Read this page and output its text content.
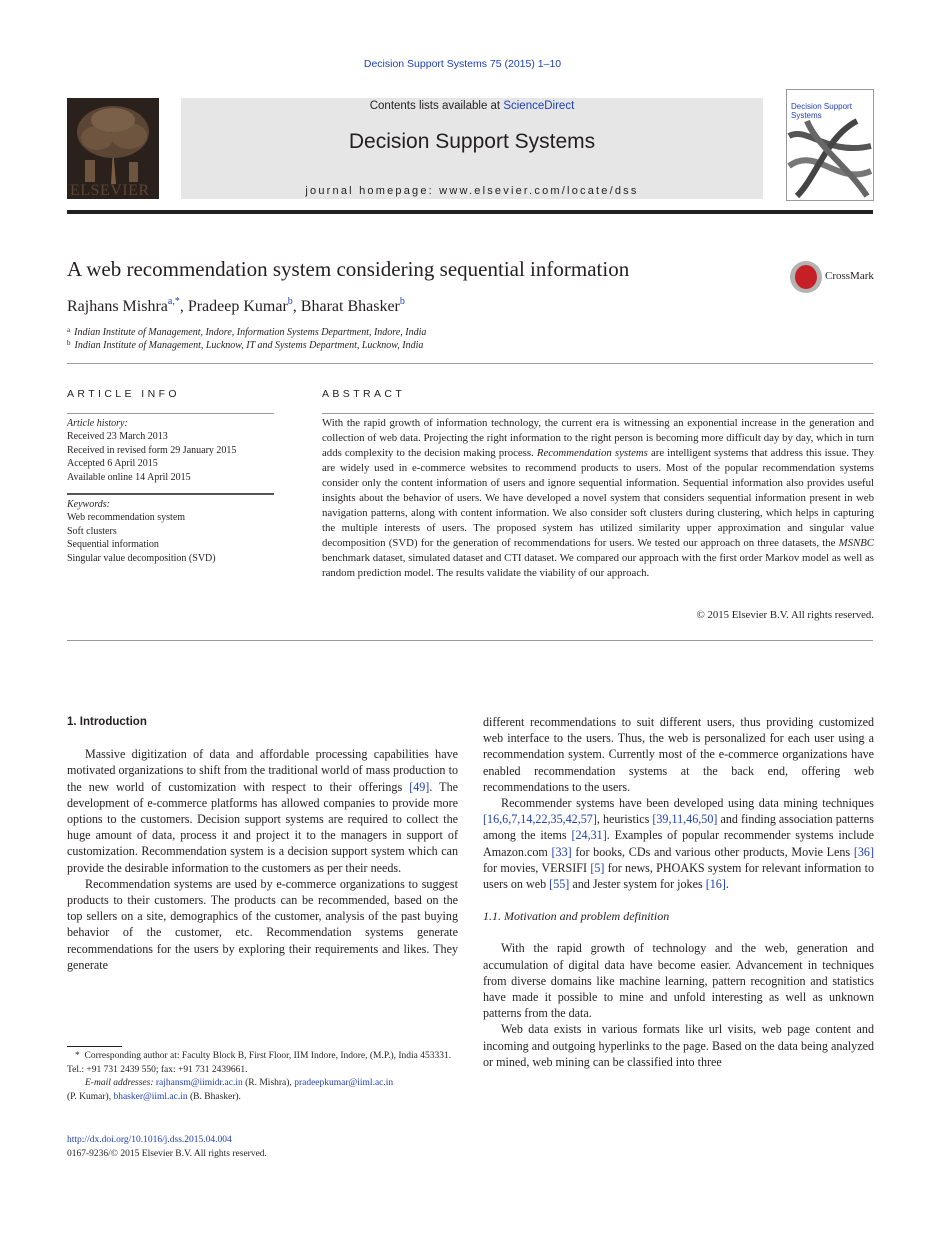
Decision Support Systems 75 (2015) 1–10
ELSEVIER
Contents lists available at ScienceDirect
Decision Support Systems
journal homepage: www.elsevier.com/locate/dss
Decision Support Systems
A web recommendation system considering sequential information	CrossMark
Rajhans Mishra$^{a,*}$, Pradeep Kumar$^b$, Bharat Bhasker$^b$
$^a$ Indian Institute of Management, Indore, Information Systems Department, Indore, India
$^b$ Indian Institute of Management, Lucknow, IT and Systems Department, Lucknow, India
ARTICLE INFO
Article history:
Received 23 March 2013
Received in revised form 29 January 2015
Accepted 6 April 2015
Available online 14 April 2015
Keywords:
Web recommendation system
Soft clusters
Sequential information
Singular value decomposition (SVD)
ABSTRACT
With the rapid growth of information technology, the current era is witnessing an exponential increase in the generation and collection of web data. Projecting the right information to the right person is becoming more difficult day by day, which in turn adds complexity to the decision making process. Recommendation systems are intelligent systems that address this issue. They are widely used in e-commerce websites to recommend products to users. Most of the popular recommendation systems consider only the content information of users and ignore sequential information. Sequential information also provides useful insights about the behavior of users. We have developed a novel system that considers sequential information present in web navigation patterns, along with content information. We also consider soft clusters during clustering, which helps in capturing the multiple interests of users. The proposed system has utilized similarity upper approximation and singular value decomposition (SVD) for the generation of recommendations for users. We tested our approach on three datasets, the MSNBC benchmark dataset, simulated dataset and CTI dataset. We compared our approach with the first order Markov model as well as random prediction model. The results validate the viability of our approach.
© 2015 Elsevier B.V. All rights reserved.
1. Introduction

Massive digitization of data and affordable processing capabilities have motivated organizations to shift from the traditional world of mass production to the new world of customization with respect to their offerings [49]. The development of e-commerce platforms has allowed companies to provide more options to the customers. Decision support systems are required to collect the huge amount of data, process it and project it to the managers in support of customization. Recommendation system is a decision support system which can provide the desirable information to the customers as per their needs.

Recommendation systems are used by e-commerce organizations to suggest products to their customers. The products can be recommended, based on the top sellers on a site, demographics of the customer, analysis of the past buying behavior of the customer, etc. Recommendation systems generate recommendations for the users by exploring their requirements and likes. They generate

different recommendations to suit different users, thus providing customized web interface to the users. Thus, the web is personalized for each user using a recommendation system. Currently most of the e-commerce organizations have enabled recommendation systems at the back end, offering web recommendations to the users.

Recommender systems have been developed using data mining techniques [16,6,7,14,22,35,42,57], heuristics [39,11,46,50] and finding association patterns among the items [24,31]. Examples of popular recommender systems include Amazon.com [33] for books, CDs and various other products, Movie Lens [36] for movies, VERSIFI [5] for news, PHOAKS system for relevant information to users on web [55] and Jester system for jokes [16].

1.1. Motivation and problem definition

With the rapid growth of technology and the web, generation and accumulation of digital data have become easier. Advancement in techniques from diverse domains like machine learning, pattern recognition and statistics have made it possible to mine and unfold interesting as well as unknown patterns from the data.

Web data exists in various formats like url visits, web page content and incoming and outgoing hyperlinks to the page. Based on the data being analyzed or mined, web mining can be classified into three

* Corresponding author at: Faculty Block B, First Floor, IIM Indore, Indore, (M.P.), India 453331. Tel.: +91 731 2439 550; fax: +91 731 2439661.
E-mail addresses: rajhansm@iimidr.ac.in (R. Mishra), pradeepkumar@iiml.ac.in
(P. Kumar), bhasker@iiml.ac.in (B. Bhasker).
http://dx.doi.org/10.1016/j.dss.2015.04.004
0167-9236/© 2015 Elsevier B.V. All rights reserved.
